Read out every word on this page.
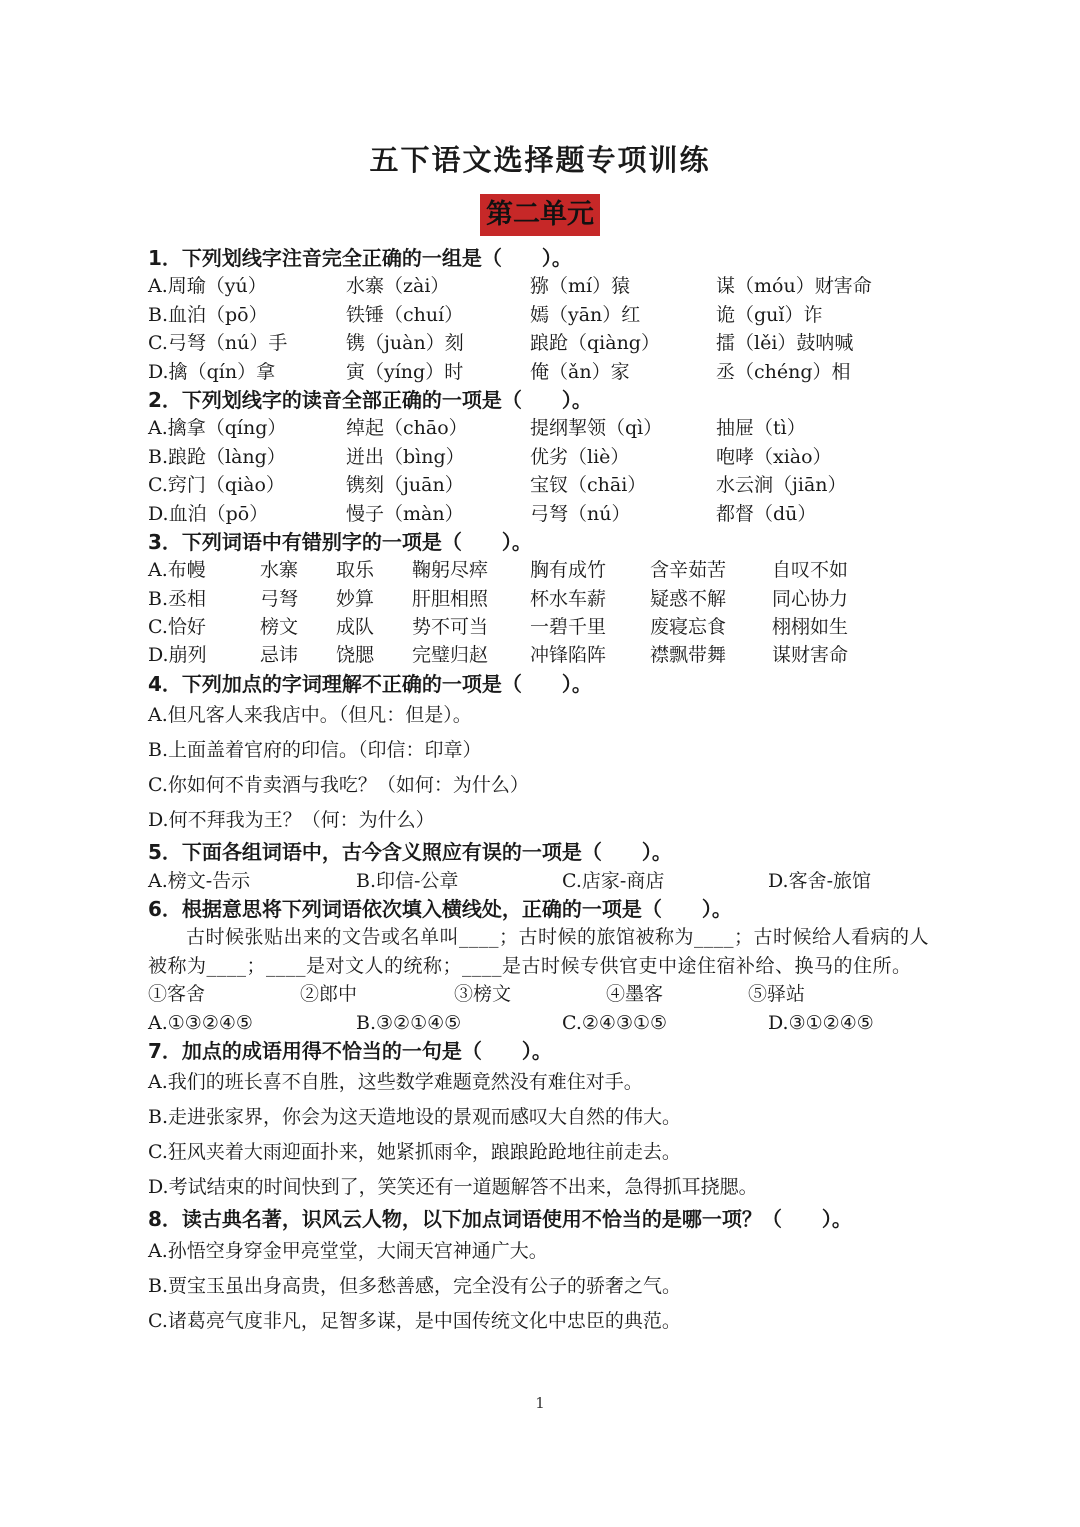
五下语文选择题专项训练
第二单元
1．下列划线字注音完全正确的一组是（　　）。
A.周瑜（yú）	水寨（zài）	猕（mí）猿	谋（móu）财害命
B.血泊（pō）	铁锤（chuí）	嫣（yān）红	诡（guǐ）诈
C.弓弩（nú）手	镌（juàn）刻	踉跄（qiàng）	擂（lěi）鼓呐喊
D.擒（qín）拿	寅（yíng）时	俺（ǎn）家	丞（chéng）相
2．下列划线字的读音全部正确的一项是（　　）。
A.擒拿（qíng）	绰起（chāo）	提纲挈领（qì）	抽屉（tì）
B.踉跄（làng）	迸出（bìng）	优劣（liè）	咆哮（xiào）
C.窍门（qiào）	镌刻（juān）	宝钗（chāi）	水云涧（jiān）
D.血泊（pō）	慢子（màn）	弓弩（nú）	都督（dū）
3．下列词语中有错别字的一项是（　　）。
A.布幔	水寨 取乐 鞠躬尽瘁 胸有成竹 含辛茹苦 自叹不如
B.丞相	弓弩 妙算 肝胆相照 杯水车薪 疑惑不解 同心协力
C.恰好	榜文 成队 势不可当 一碧千里 废寝忘食 栩栩如生
D.崩列	忌讳 饶腮 完璧归赵 冲锋陷阵 襟飘带舞 谋财害命
4．下列加点的字词理解不正确的一项是（　　）。
A.但凡客人来我店中。（但凡：但是）。
B.上面盖着官府的印信。（印信：印章）
C.你如何不肯卖酒与我吃？（如何：为什么）
D.何不拜我为王？（何：为什么）
5．下面各组词语中，古今含义照应有误的一项是（　　）。
A.榜文-告示	B.印信-公章	C.店家-商店	D.客舍-旅馆
6．根据意思将下列词语依次填入横线处，正确的一项是（　　）。
古时候张贴出来的文告或名单叫____；古时候的旅馆被称为____；古时候给人看病的人被称为____；____是对文人的统称；____是古时候专供官吏中途住宿补给、换马的住所。
①客舍	②郎中	③榜文	④墨客	⑤驿站
A.①③②④⑤	B.③②①④⑤	C.②④③①⑤	D.③①②④⑤
7．加点的成语用得不恰当的一句是（　　）。
A.我们的班长喜不自胜，这些数学难题竟然没有难住对手。
B.走进张家界，你会为这天造地设的景观而感叹大自然的伟大。
C.狂风夹着大雨迎面扑来，她紧抓雨伞，踉踉跄跄地往前走去。
D.考试结束的时间快到了，笑笑还有一道题解答不出来，急得抓耳挠腮。
8．读古典名著，识风云人物，以下加点词语使用不恰当的是哪一项？（　　）。
A.孙悟空身穿金甲亮堂堂，大闹天宫神通广大。
B.贾宝玉虽出身高贵，但多愁善感，完全没有公子的骄奢之气。
C.诸葛亮气度非凡，足智多谋，是中国传统文化中忠臣的典范。
1
